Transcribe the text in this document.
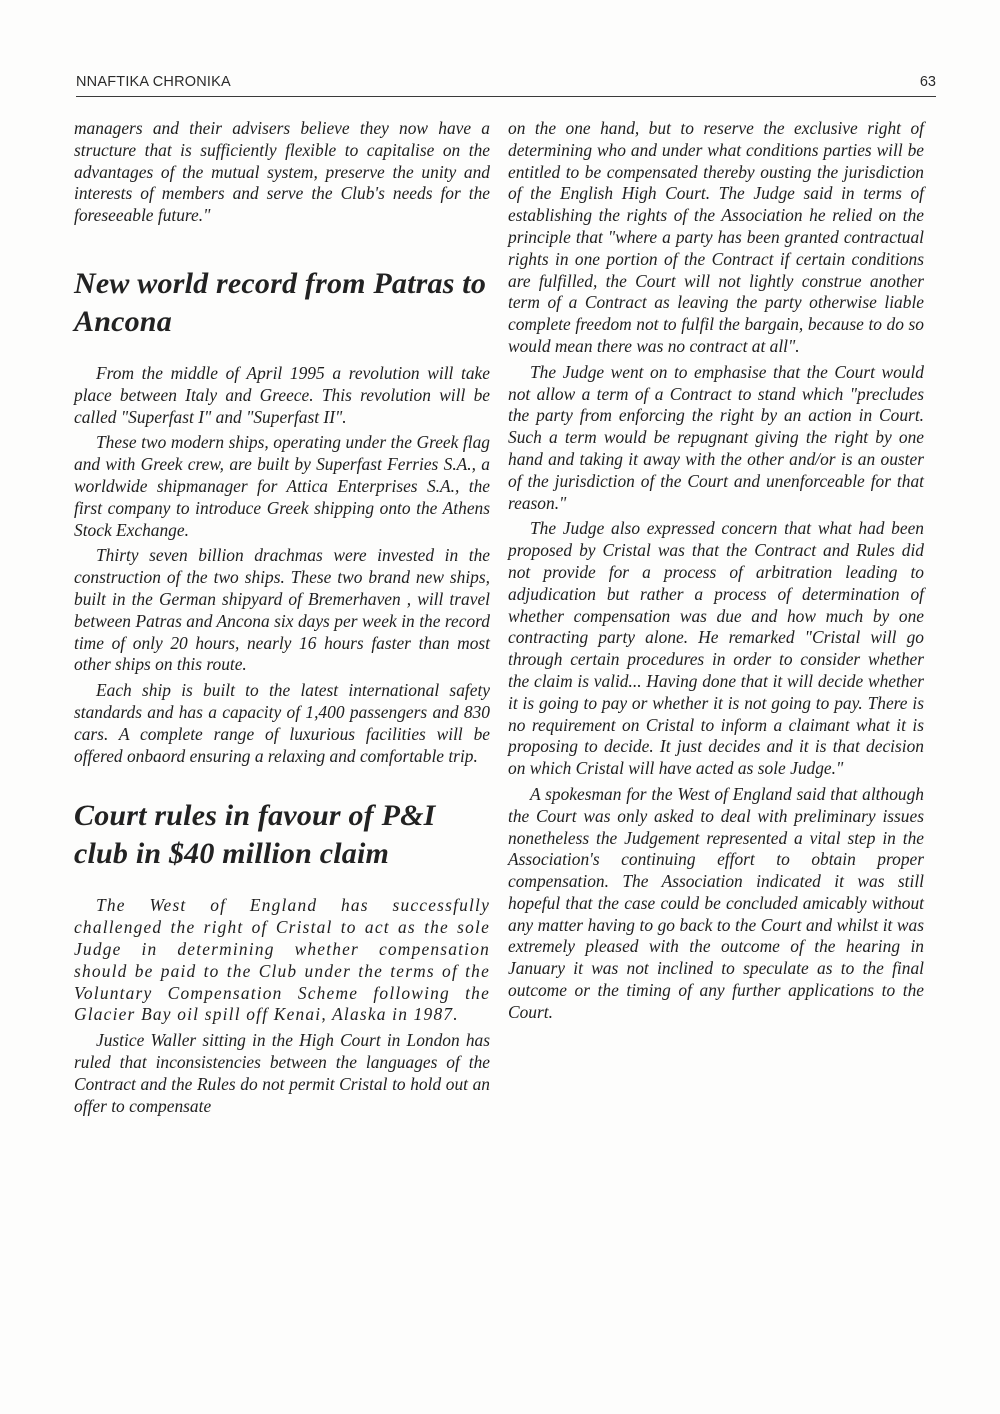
NNAFTIKA CHRONIKA	63

managers and their advisers believe they now have a structure that is sufficiently flexible to capitalise on the advantages of the mutual system, preserve the unity and interests of members and serve the Club's needs for the foreseeable future."

New world record from Patras to Ancona

From the middle of April 1995 a revolution will take place between Italy and Greece. This revolution will be called "Superfast I" and "Superfast II".

These two modern ships, operating under the Greek flag and with Greek crew, are built by Superfast Ferries S.A., a worldwide shipmanager for Attica Enterprises S.A., the first company to introduce Greek shipping onto the Athens Stock Exchange.

Thirty seven billion drachmas were invested in the construction of the two ships. These two brand new ships, built in the German shipyard of Bremerhaven , will travel between Patras and Ancona six days per week in the record time of only 20 hours, nearly 16 hours faster than most other ships on this route.

Each ship is built to the latest international safety standards and has a capacity of 1,400 passengers and 830 cars. A complete range of luxurious facilities will be offered onbaord ensuring a relaxing and comfortable trip.

Court rules in favour of P&I club in $40 million claim

The West of England has successfully challenged the right of Cristal to act as the sole Judge in determining whether compensation should be paid to the Club under the terms of the Voluntary Compensation Scheme following the Glacier Bay oil spill off Kenai, Alaska in 1987.

Justice Waller sitting in the High Court in London has ruled that inconsistencies between the languages of the Contract and the Rules do not permit Cristal to hold out an offer to compensate

on the one hand, but to reserve the exclusive right of determining who and under what conditions parties will be entitled to be compensated thereby ousting the jurisdiction of the English High Court. The Judge said in terms of establishing the rights of the Association he relied on the principle that "where a party has been granted contractual rights in one portion of the Contract if certain conditions are fulfilled, the Court will not lightly construe another term of a Contract as leaving the party otherwise liable complete freedom not to fulfil the bargain, because to do so would mean there was no contract at all".

The Judge went on to emphasise that the Court would not allow a term of a Contract to stand which "precludes the party from enforcing the right by an action in Court. Such a term would be repugnant giving the right by one hand and taking it away with the other and/or is an ouster of the jurisdiction of the Court and unenforceable for that reason."

The Judge also expressed concern that what had been proposed by Cristal was that the Contract and Rules did not provide for a process of arbitration leading to adjudication but rather a process of determination of whether compensation was due and how much by one contracting party alone. He remarked "Cristal will go through certain procedures in order to consider whether the claim is valid... Having done that it will decide whether it is going to pay or whether it is not going to pay. There is no requirement on Cristal to inform a claimant what it is proposing to decide. It just decides and it is that decision on which Cristal will have acted as sole Judge."

A spokesman for the West of England said that although the Court was only asked to deal with preliminary issues nonetheless the Judgement represented a vital step in the Association's continuing effort to obtain proper compensation. The Association indicated it was still hopeful that the case could be concluded amicably without any matter having to go back to the Court and whilst it was extremely pleased with the outcome of the hearing in January it was not inclined to speculate as to the final outcome or the timing of any further applications to the Court.
